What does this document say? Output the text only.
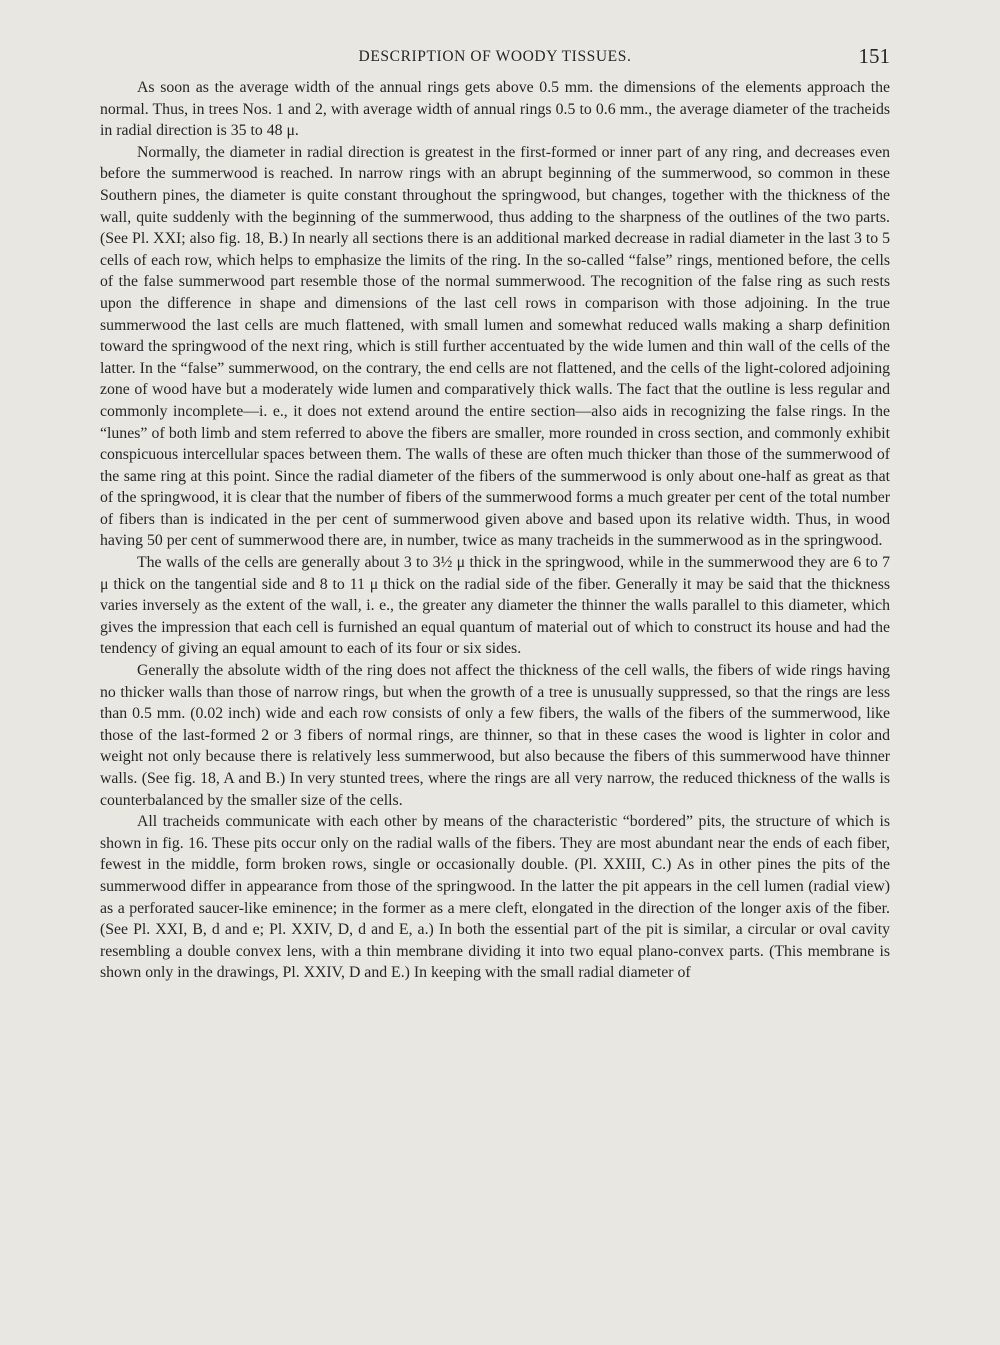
DESCRIPTION OF WOODY TISSUES.	151

As soon as the average width of the annual rings gets above 0.5 mm. the dimensions of the elements approach the normal. Thus, in trees Nos. 1 and 2, with average width of annual rings 0.5 to 0.6 mm., the average diameter of the tracheids in radial direction is 35 to 48 μ.

Normally, the diameter in radial direction is greatest in the first-formed or inner part of any ring, and decreases even before the summerwood is reached. In narrow rings with an abrupt beginning of the summerwood, so common in these Southern pines, the diameter is quite constant throughout the springwood, but changes, together with the thickness of the wall, quite suddenly with the beginning of the summerwood, thus adding to the sharpness of the outlines of the two parts. (See Pl. XXI; also fig. 18, B.) In nearly all sections there is an additional marked decrease in radial diameter in the last 3 to 5 cells of each row, which helps to emphasize the limits of the ring. In the so-called “false” rings, mentioned before, the cells of the false summerwood part resemble those of the normal summerwood. The recognition of the false ring as such rests upon the difference in shape and dimensions of the last cell rows in comparison with those adjoining. In the true summerwood the last cells are much flattened, with small lumen and somewhat reduced walls making a sharp definition toward the springwood of the next ring, which is still further accentuated by the wide lumen and thin wall of the cells of the latter. In the “false” summerwood, on the contrary, the end cells are not flattened, and the cells of the light-colored adjoining zone of wood have but a moderately wide lumen and comparatively thick walls. The fact that the outline is less regular and commonly incomplete—i. e., it does not extend around the entire section—also aids in recognizing the false rings. In the “lunes” of both limb and stem referred to above the fibers are smaller, more rounded in cross section, and commonly exhibit conspicuous intercellular spaces between them. The walls of these are often much thicker than those of the summerwood of the same ring at this point. Since the radial diameter of the fibers of the summerwood is only about one-half as great as that of the springwood, it is clear that the number of fibers of the summerwood forms a much greater per cent of the total number of fibers than is indicated in the per cent of summerwood given above and based upon its relative width. Thus, in wood having 50 per cent of summerwood there are, in number, twice as many tracheids in the summerwood as in the springwood.

The walls of the cells are generally about 3 to 3½ μ thick in the springwood, while in the summerwood they are 6 to 7 μ thick on the tangential side and 8 to 11 μ thick on the radial side of the fiber. Generally it may be said that the thickness varies inversely as the extent of the wall, i. e., the greater any diameter the thinner the walls parallel to this diameter, which gives the impression that each cell is furnished an equal quantum of material out of which to construct its house and had the tendency of giving an equal amount to each of its four or six sides.

Generally the absolute width of the ring does not affect the thickness of the cell walls, the fibers of wide rings having no thicker walls than those of narrow rings, but when the growth of a tree is unusually suppressed, so that the rings are less than 0.5 mm. (0.02 inch) wide and each row consists of only a few fibers, the walls of the fibers of the summerwood, like those of the last-formed 2 or 3 fibers of normal rings, are thinner, so that in these cases the wood is lighter in color and weight not only because there is relatively less summerwood, but also because the fibers of this summerwood have thinner walls. (See fig. 18, A and B.) In very stunted trees, where the rings are all very narrow, the reduced thickness of the walls is counterbalanced by the smaller size of the cells.

All tracheids communicate with each other by means of the characteristic “bordered” pits, the structure of which is shown in fig. 16. These pits occur only on the radial walls of the fibers. They are most abundant near the ends of each fiber, fewest in the middle, form broken rows, single or occasionally double. (Pl. XXIII, C.) As in other pines the pits of the summerwood differ in appearance from those of the springwood. In the latter the pit appears in the cell lumen (radial view) as a perforated saucer-like eminence; in the former as a mere cleft, elongated in the direction of the longer axis of the fiber. (See Pl. XXI, B, d and e; Pl. XXIV, D, d and E, a.) In both the essential part of the pit is similar, a circular or oval cavity resembling a double convex lens, with a thin membrane dividing it into two equal plano-convex parts. (This membrane is shown only in the drawings, Pl. XXIV, D and E.) In keeping with the small radial diameter of
